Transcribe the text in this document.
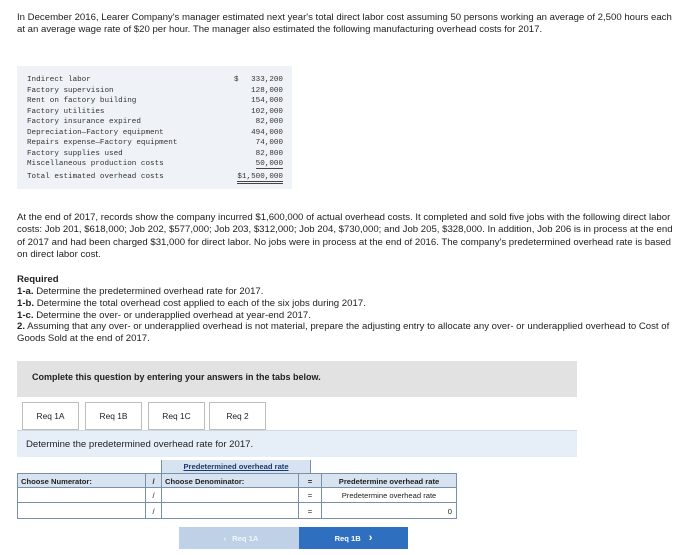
In December 2016, Learer Company's manager estimated next year's total direct labor cost assuming 50 persons working an average of 2,500 hours each at an average wage rate of $20 per hour. The manager also estimated the following manufacturing overhead costs for 2017.
Indirect labor	$ 333,200
Factory supervision	128,000
Rent on factory building	154,000
Factory utilities	102,000
Factory insurance expired	82,000
Depreciation—Factory equipment	494,000
Repairs expense—Factory equipment	74,000
Factory supplies used	82,800
Miscellaneous production costs	50,000
Total estimated overhead costs	$1,500,000
At the end of 2017, records show the company incurred $1,600,000 of actual overhead costs. It completed and sold five jobs with the following direct labor costs: Job 201, $618,000; Job 202, $577,000; Job 203, $312,000; Job 204, $730,000; and Job 205, $328,000. In addition, Job 206 is in process at the end of 2017 and had been charged $31,000 for direct labor. No jobs were in process at the end of 2016. The company's predetermined overhead rate is based on direct labor cost.
Required
1-a. Determine the predetermined overhead rate for 2017.
1-b. Determine the total overhead cost applied to each of the six jobs during 2017.
1-c. Determine the over- or underapplied overhead at year-end 2017.
2. Assuming that any over- or underapplied overhead is not material, prepare the adjusting entry to allocate any over- or underapplied overhead to Cost of Goods Sold at the end of 2017.
Complete this question by entering your answers in the tabs below.
Req 1A	Req 1B	Req 1C	Req 2
Determine the predetermined overhead rate for 2017.
Predetermined overhead rate
Choose Numerator:	/	Choose Denominator:	=	Predetermine overhead rate
/	=	Predetermine overhead rate
/	=	0
‹ Req 1A	Req 1B ›
